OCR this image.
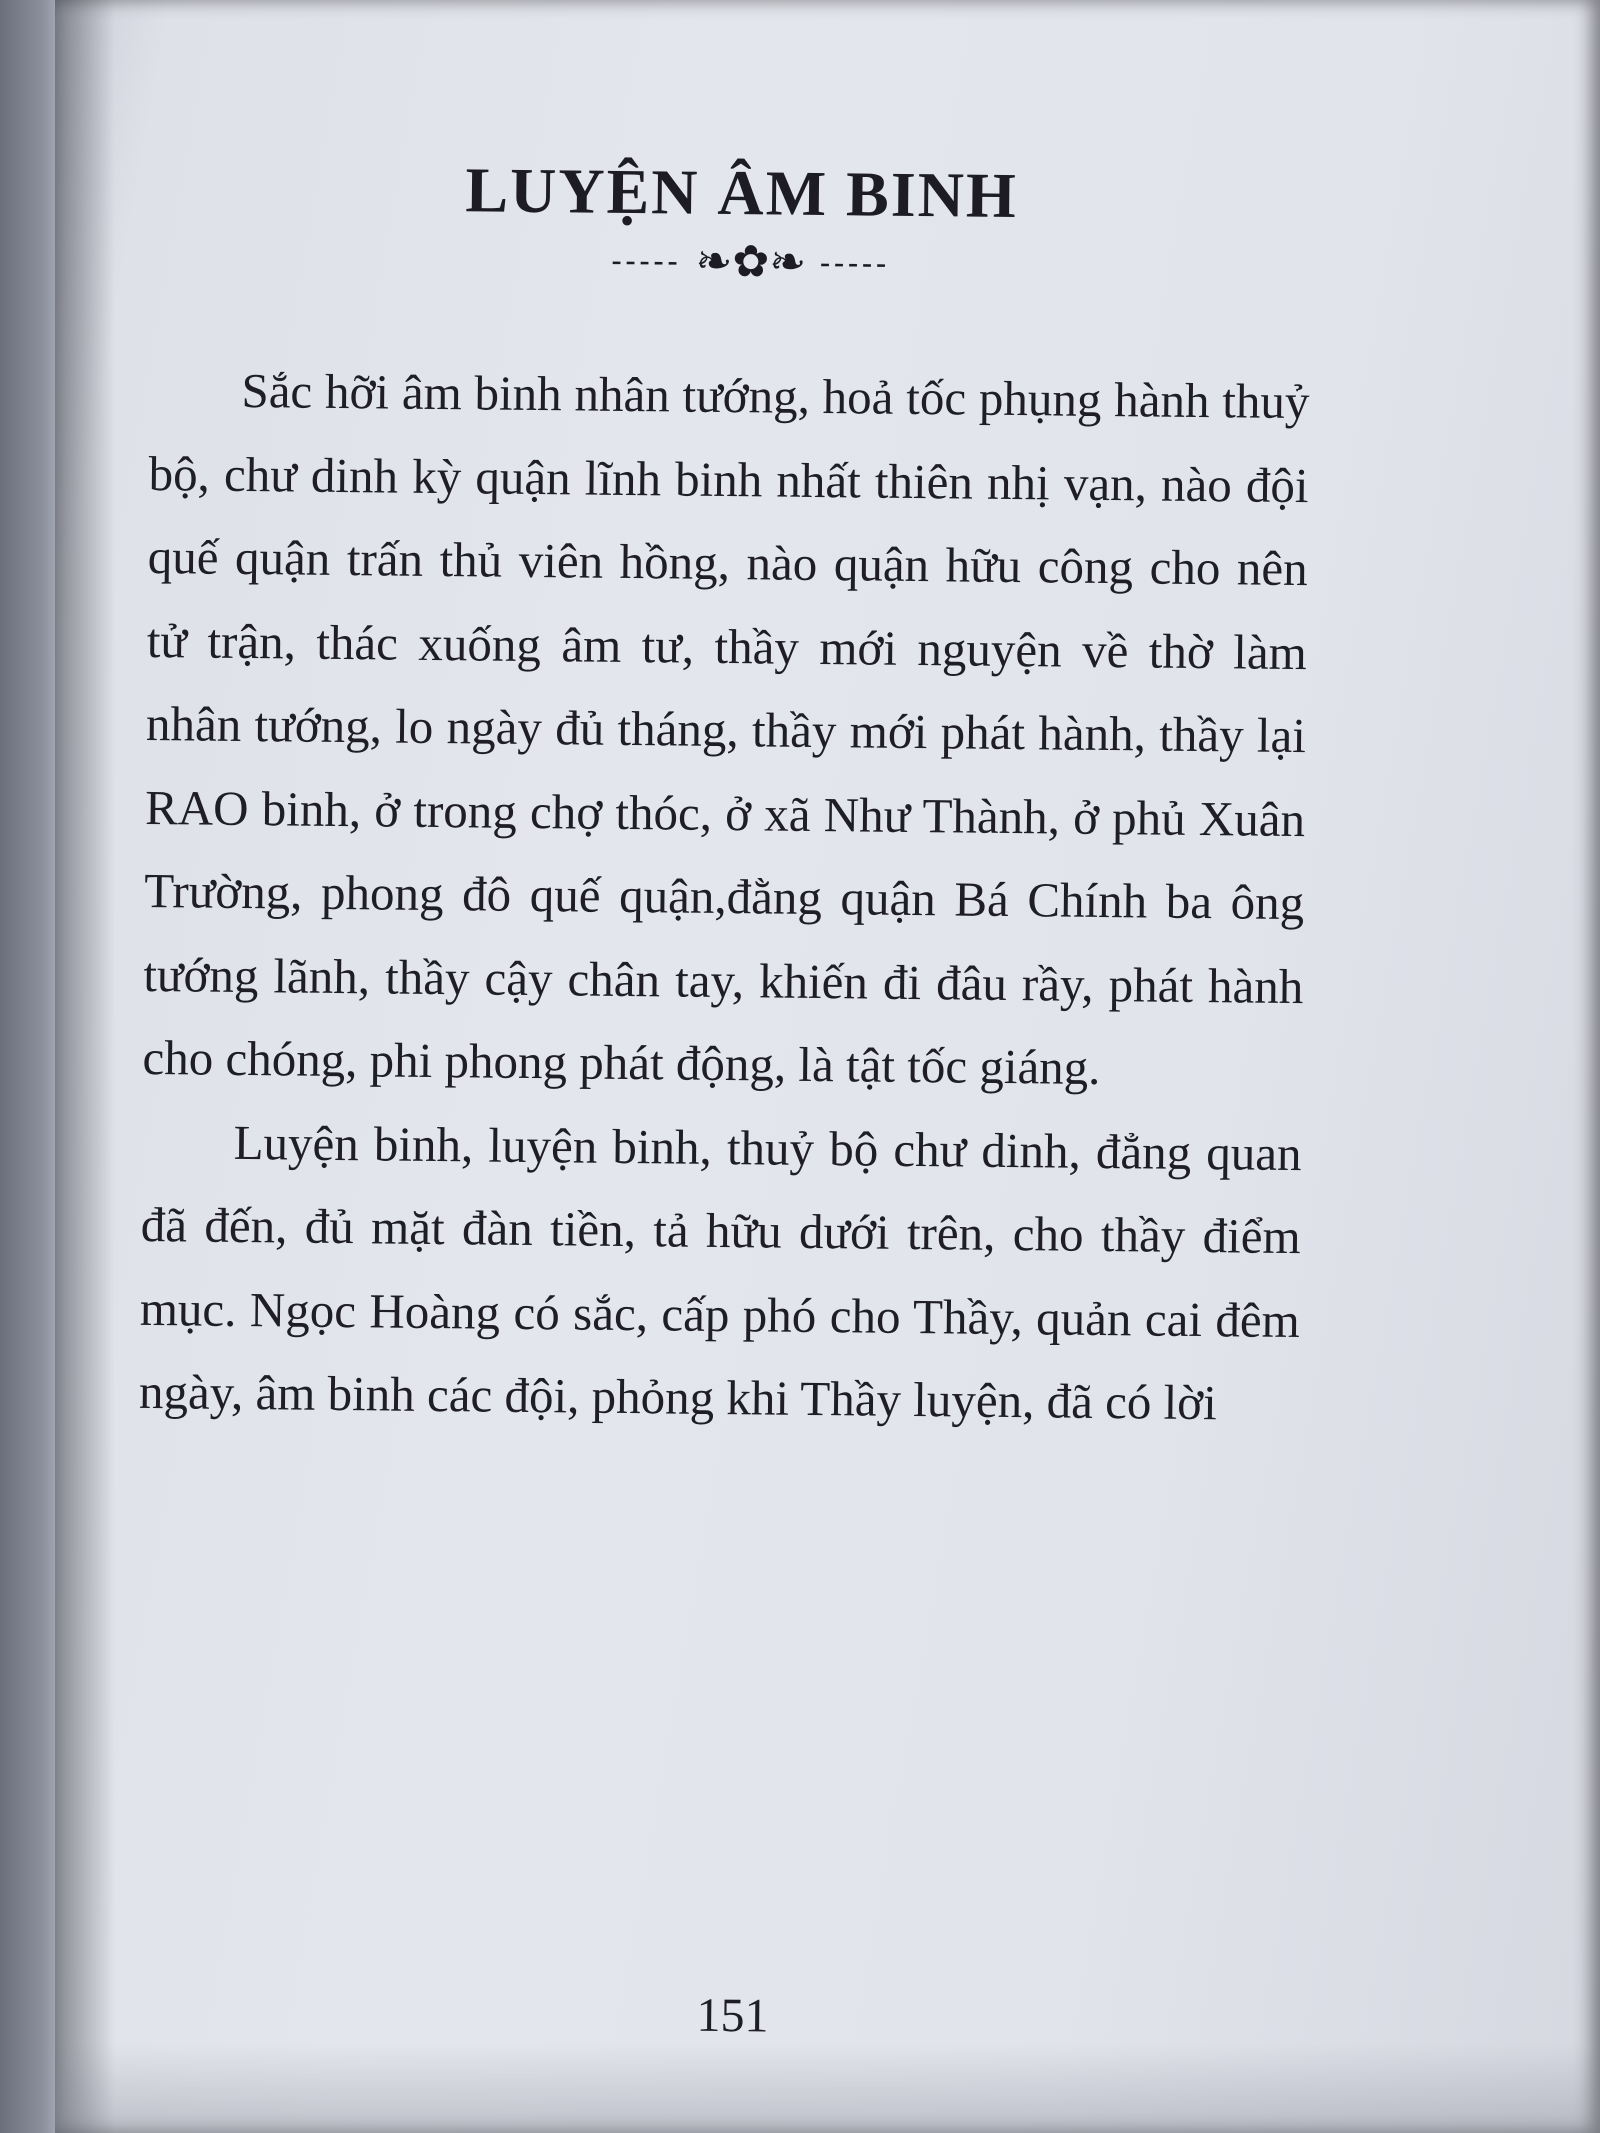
LUYỆN ÂM BINH
----- ❧✿❧ -----

Sắc hỡi âm binh nhân tướng, hoả tốc phụng hành thuỷ bộ, chư dinh kỳ quận lĩnh binh nhất thiên nhị vạn, nào đội quế quận trấn thủ viên hồng, nào quận hữu công cho nên tử trận, thác xuống âm tư, thầy mới nguyện về thờ làm nhân tướng, lo ngày đủ tháng, thầy mới phát hành, thầy lại RAO binh, ở trong chợ thóc, ở xã Như Thành, ở phủ Xuân Trường, phong đô quế quận,đằng quận Bá Chính ba ông tướng lãnh, thầy cậy chân tay, khiến đi đâu rầy, phát hành cho chóng, phi phong phát động, là tật tốc giáng.

Luyện binh, luyện binh, thuỷ bộ chư dinh, đẳng quan đã đến, đủ mặt đàn tiền, tả hữu dưới trên, cho thầy điểm mục. Ngọc Hoàng có sắc, cấp phó cho Thầy, quản cai đêm ngày, âm binh các đội, phỏng khi Thầy luyện, đã có lời

151
